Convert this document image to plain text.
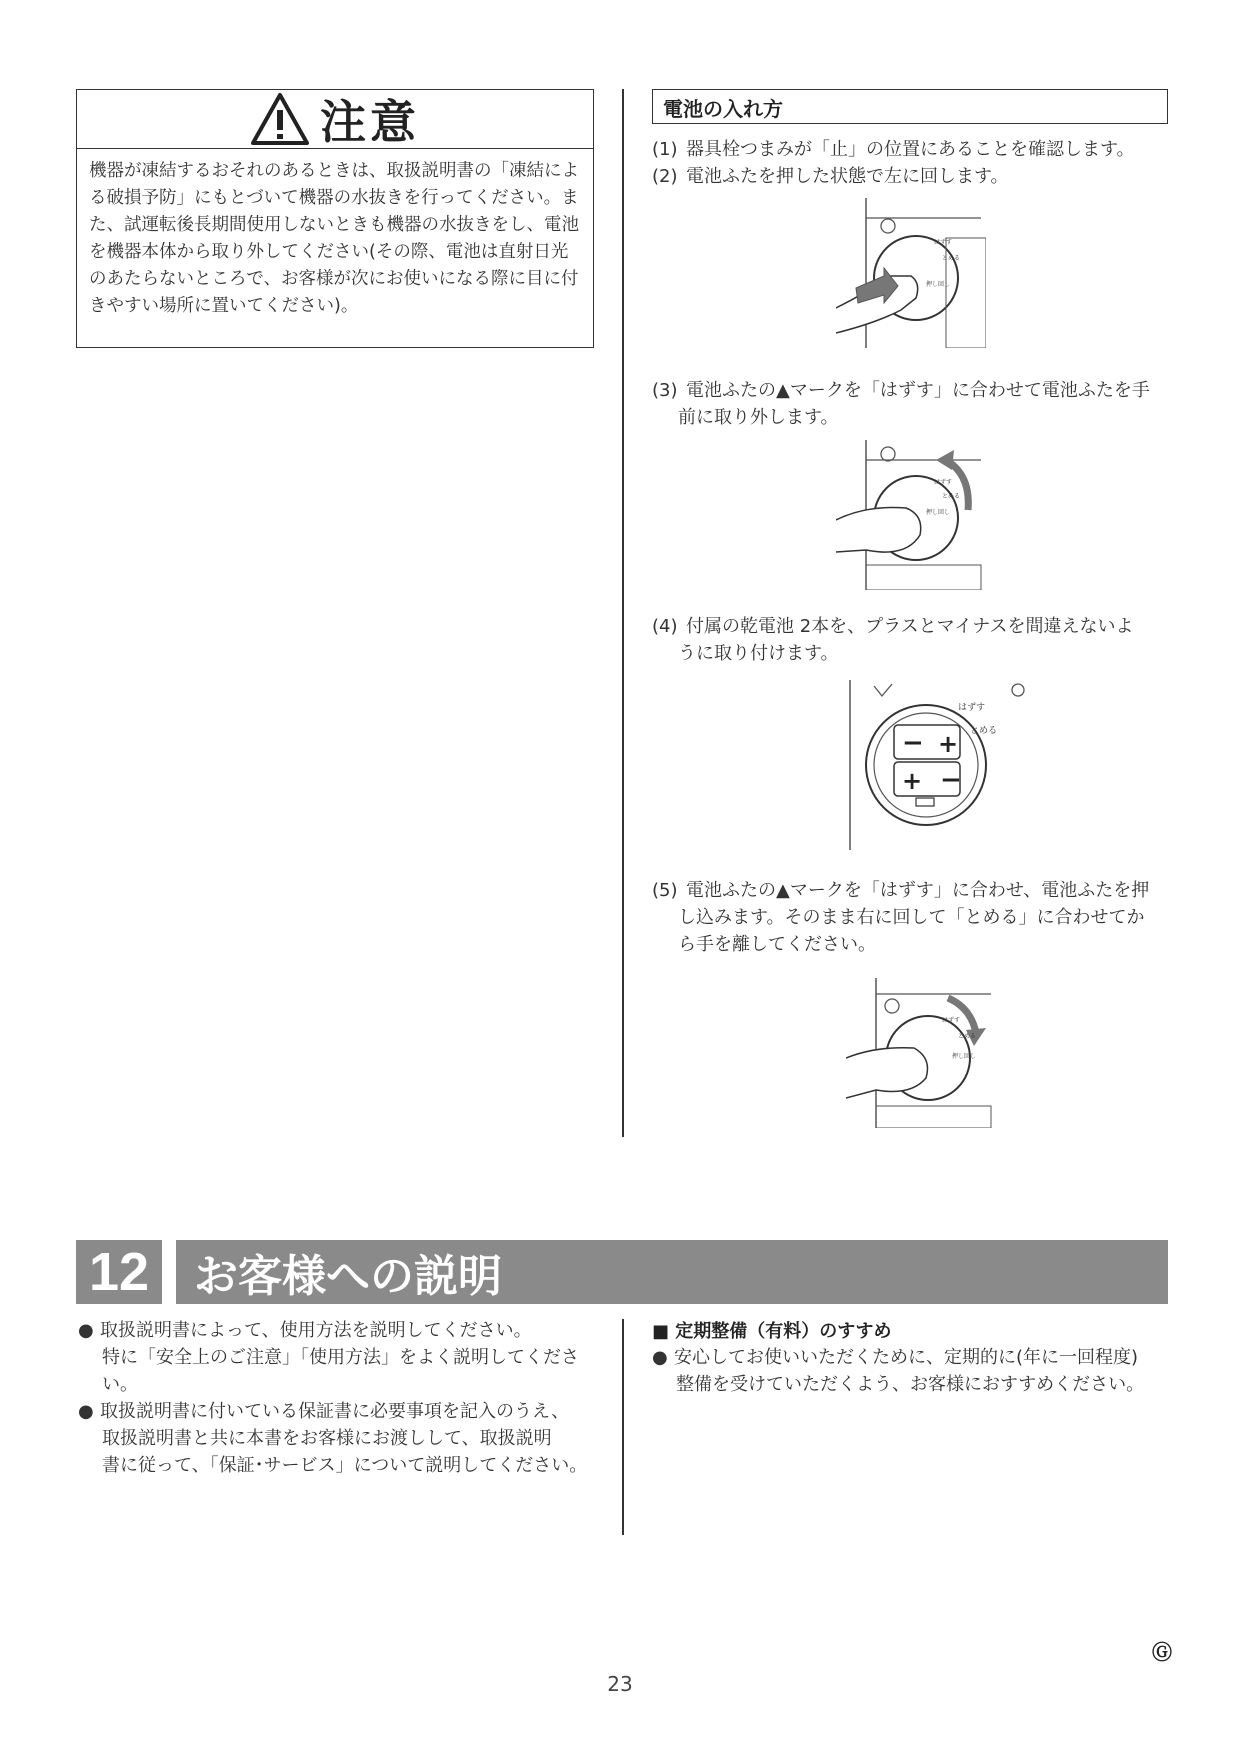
注意
機器が凍結するおそれのあるときは、取扱説明書の「凍結による破損予防」にもとづいて機器の水抜きを行ってください。また、試運転後長期間使用しないときも機器の水抜きをし、電池を機器本体から取り外してください(その際、電池は直射日光のあたらないところで、お客様が次にお使いになる際に目に付きやすい場所に置いてください)。
電池の入れ方
(1) 器具栓つまみが「止」の位置にあることを確認します。
(2) 電池ふたを押した状態で左に回します。
はずす
とめる
押し回し
(3) 電池ふたの▲マークを「はずす」に合わせて電池ふたを手
前に取り外します。
はずす
とめる
押し回し
(4) 付属の乾電池 2本を、プラスとマイナスを間違えないよ
うに取り付けます。
− +
+ −
はずす
とめる
(5) 電池ふたの▲マークを「はずす」に合わせ、電池ふたを押
し込みます。そのまま右に回して「とめる」に合わせてか
ら手を離してください。
はずす
とめる
押し回し
12	お客様への説明
● 取扱説明書によって、使用方法を説明してください。
特に「安全上のご注意」「使用方法」をよく説明してくださ
い。
● 取扱説明書に付いている保証書に必要事項を記入のうえ、
取扱説明書と共に本書をお客様にお渡しして、取扱説明
書に従って、「保証･サービス」について説明してください。
■ 定期整備（有料）のすすめ
● 安心してお使いいただくために、定期的に(年に一回程度)
整備を受けていただくよう、お客様におすすめください。
Ⓖ
23
